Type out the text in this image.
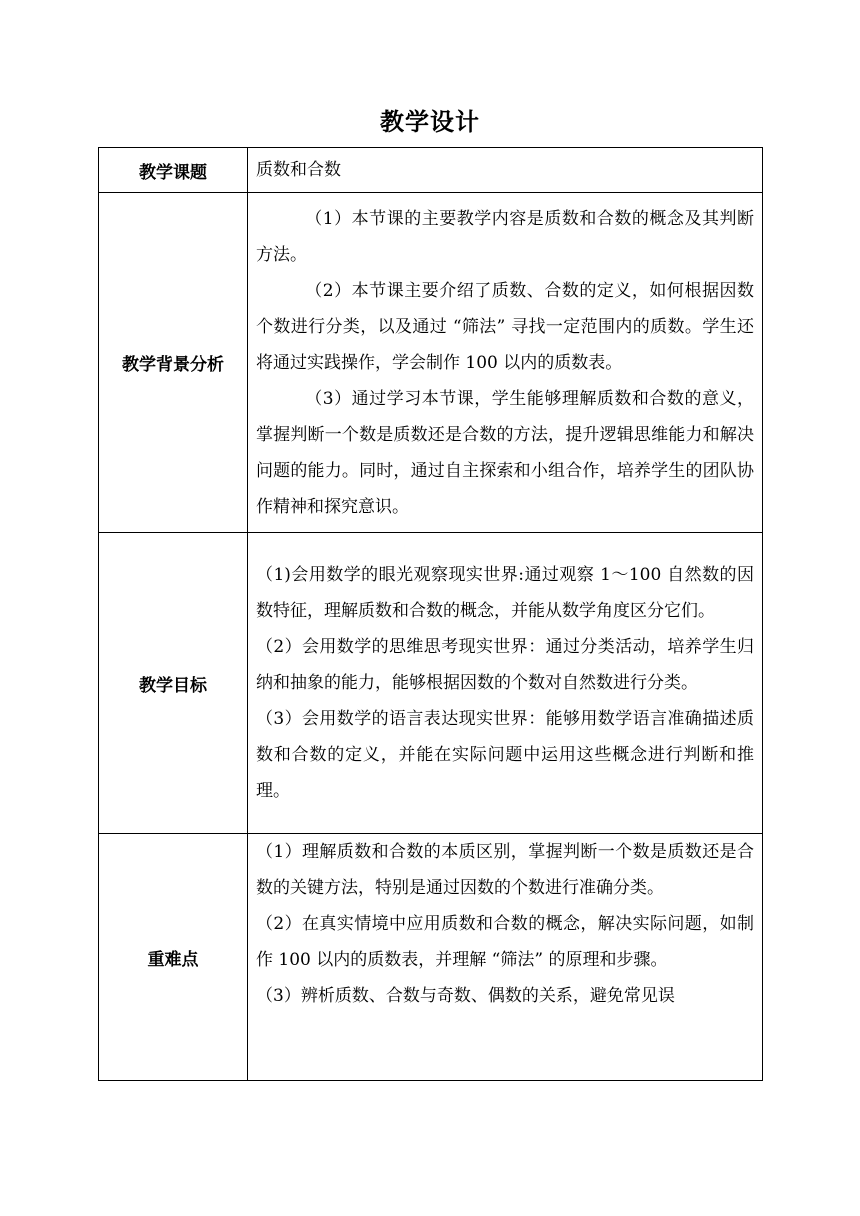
教学设计
教学课题	质数和合数

教学背景分析	（1）本节课的主要教学内容是质数和合数的概念及其判断方法。

（2）本节课主要介绍了质数、合数的定义，如何根据因数个数进行分类，以及通过 “筛法” 寻找一定范围内的质数。学生还将通过实践操作，学会制作 100 以内的质数表。

（3）通过学习本节课，学生能够理解质数和合数的意义，掌握判断一个数是质数还是合数的方法，提升逻辑思维能力和解决问题的能力。同时，通过自主探索和小组合作，培养学生的团队协作精神和探究意识。

教学目标	（1)会用数学的眼光观察现实世界:通过观察 1～100 自然数的因数特征，理解质数和合数的概念，并能从数学角度区分它们。

（2）会用数学的思维思考现实世界：通过分类活动，培养学生归纳和抽象的能力，能够根据因数的个数对自然数进行分类。

（3）会用数学的语言表达现实世界：能够用数学语言准确描述质数和合数的定义，并能在实际问题中运用这些概念进行判断和推理。

重难点	（1）理解质数和合数的本质区别，掌握判断一个数是质数还是合数的关键方法，特别是通过因数的个数进行准确分类。

（2）在真实情境中应用质数和合数的概念，解决实际问题，如制作 100 以内的质数表，并理解 “筛法” 的原理和步骤。

（3）辨析质数、合数与奇数、偶数的关系，避免常见误
